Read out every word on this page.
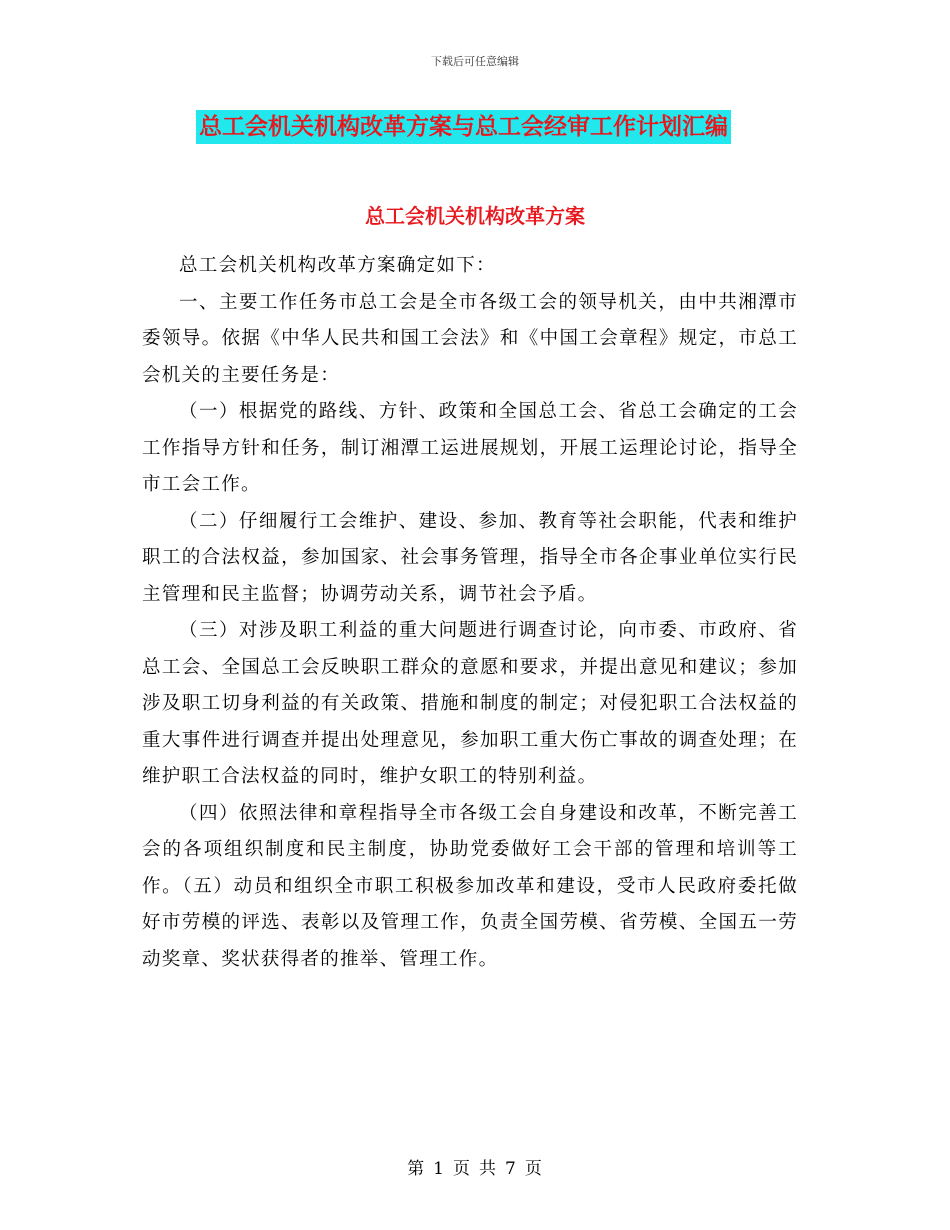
下载后可任意编辑
总工会机关机构改革方案与总工会经审工作计划汇编
总工会机关机构改革方案

总工会机关机构改革方案确定如下：

一、主要工作任务市总工会是全市各级工会的领导机关，由中共湘潭市委领导。依据《中华人民共和国工会法》和《中国工会章程》规定，市总工会机关的主要任务是：

（一）根据党的路线、方针、政策和全国总工会、省总工会确定的工会工作指导方针和任务，制订湘潭工运进展规划，开展工运理论讨论，指导全市工会工作。

（二）仔细履行工会维护、建设、参加、教育等社会职能，代表和维护职工的合法权益，参加国家、社会事务管理，指导全市各企事业单位实行民主管理和民主监督；协调劳动关系，调节社会予盾。

（三）对涉及职工利益的重大问题进行调查讨论，向市委、市政府、省总工会、全国总工会反映职工群众的意愿和要求，并提出意见和建议；参加涉及职工切身利益的有关政策、措施和制度的制定；对侵犯职工合法权益的重大事件进行调查并提出处理意见，参加职工重大伤亡事故的调查处理；在维护职工合法权益的同时，维护女职工的特别利益。

（四）依照法律和章程指导全市各级工会自身建设和改革，不断完善工会的各项组织制度和民主制度，协助党委做好工会干部的管理和培训等工作。（五）动员和组织全市职工积极参加改革和建设，受市人民政府委托做好市劳模的评选、表彰以及管理工作，负责全国劳模、省劳模、全国五一劳动奖章、奖状获得者的推举、管理工作。

第 1 页 共 7 页
